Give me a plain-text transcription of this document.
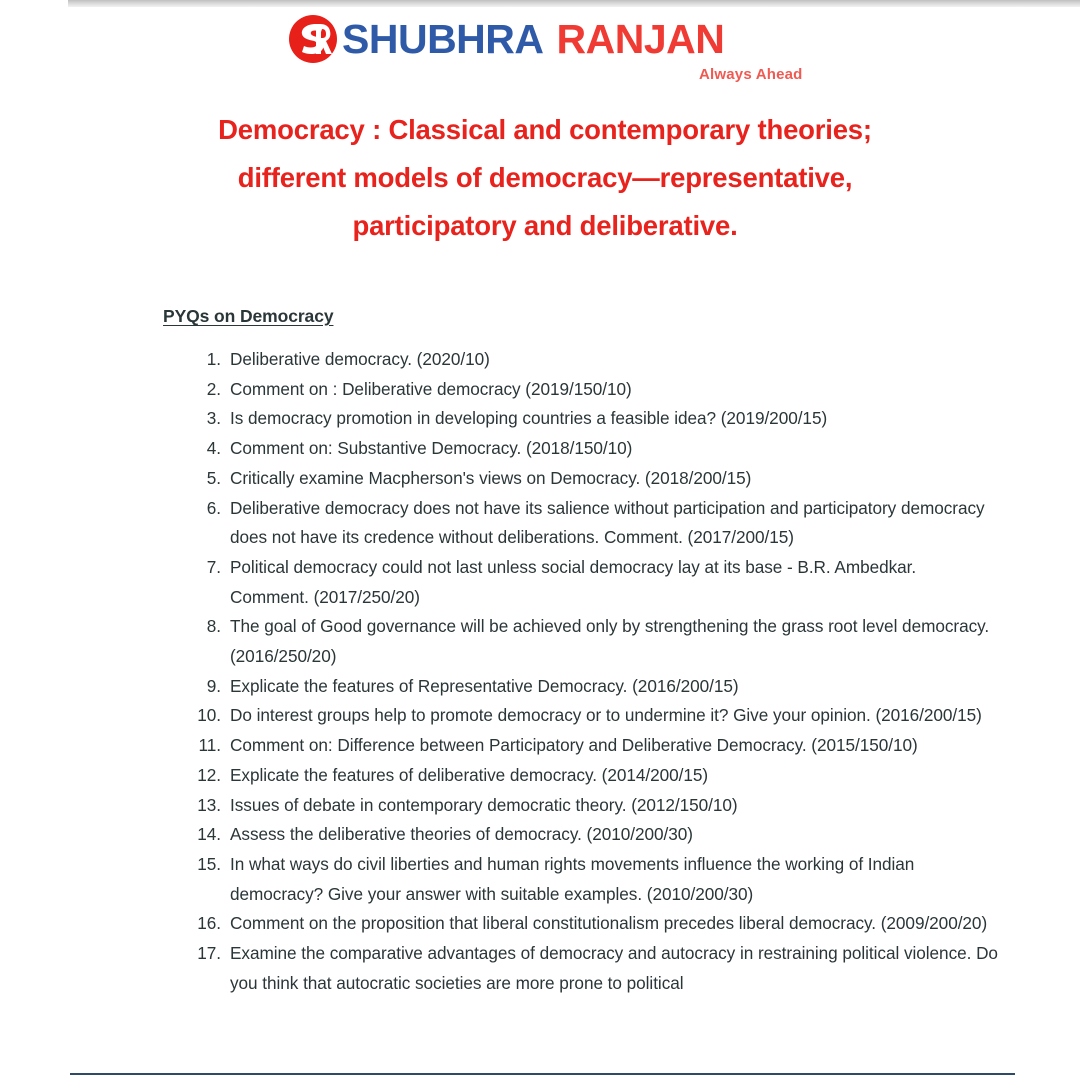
SHUBHRA RANJAN
Always Ahead
Democracy : Classical and contemporary theories;
different models of democracy—representative,
participatory and deliberative.
PYQs on Democracy
1. Deliberative democracy. (2020/10)
2. Comment on : Deliberative democracy (2019/150/10)
3. Is democracy promotion in developing countries a feasible idea? (2019/200/15)
4. Comment on: Substantive Democracy. (2018/150/10)
5. Critically examine Macpherson's views on Democracy. (2018/200/15)
6. Deliberative democracy does not have its salience without participation and participatory democracy does not have its credence without deliberations. Comment. (2017/200/15)
7. Political democracy could not last unless social democracy lay at its base - B.R. Ambedkar. Comment. (2017/250/20)
8. The goal of Good governance will be achieved only by strengthening the grass root level democracy. (2016/250/20)
9. Explicate the features of Representative Democracy. (2016/200/15)
10. Do interest groups help to promote democracy or to undermine it? Give your opinion. (2016/200/15)
11. Comment on: Difference between Participatory and Deliberative Democracy. (2015/150/10)
12. Explicate the features of deliberative democracy. (2014/200/15)
13. Issues of debate in contemporary democratic theory. (2012/150/10)
14. Assess the deliberative theories of democracy. (2010/200/30)
15. In what ways do civil liberties and human rights movements influence the working of Indian democracy? Give your answer with suitable examples. (2010/200/30)
16. Comment on the proposition that liberal constitutionalism precedes liberal democracy. (2009/200/20)
17. Examine the comparative advantages of democracy and autocracy in restraining political violence. Do you think that autocratic societies are more prone to political
